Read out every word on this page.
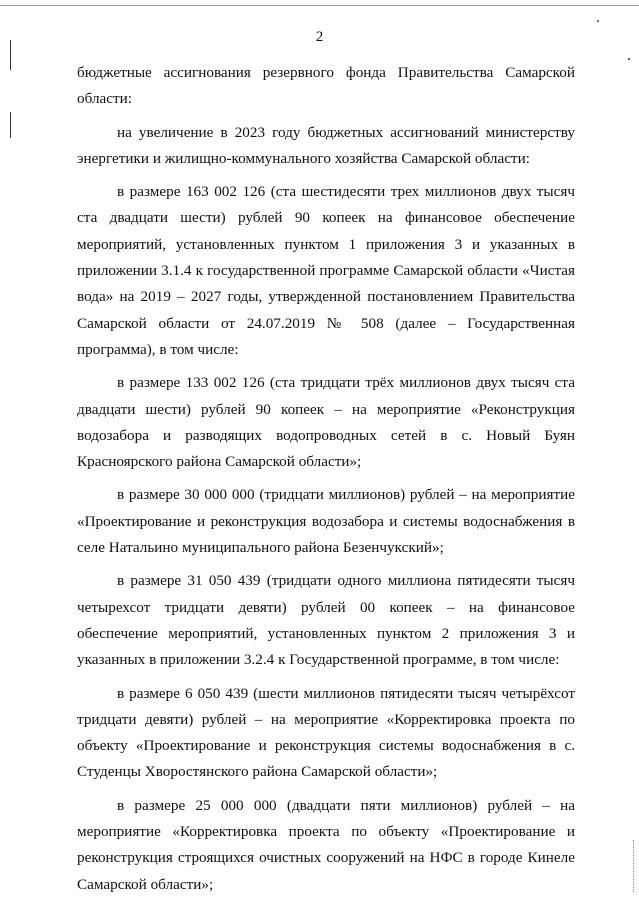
2

бюджетные ассигнования резервного фонда Правительства Самарской области:

на увеличение в 2023 году бюджетных ассигнований министерству энергетики и жилищно-коммунального хозяйства Самарской области:

в размере 163 002 126 (ста шестидесяти трех миллионов двух тысяч ста двадцати шести) рублей 90 копеек на финансовое обеспечение мероприятий, установленных пунктом 1 приложения 3 и указанных в приложении 3.1.4 к государственной программе Самарской области «Чистая вода» на 2019 – 2027 годы, утвержденной постановлением Правительства Самарской области от 24.07.2019 № 508 (далее – Государственная программа), в том числе:

в размере 133 002 126 (ста тридцати трёх миллионов двух тысяч ста двадцати шести) рублей 90 копеек – на мероприятие «Реконструкция водозабора и разводящих водопроводных сетей в с. Новый Буян Красноярского района Самарской области»;

в размере 30 000 000 (тридцати миллионов) рублей – на мероприятие «Проектирование и реконструкция водозабора и системы водоснабжения в селе Натальино муниципального района Безенчукский»;

в размере 31 050 439 (тридцати одного миллиона пятидесяти тысяч четырехсот тридцати девяти) рублей 00 копеек – на финансовое обеспечение мероприятий, установленных пунктом 2 приложения 3 и указанных в приложении 3.2.4 к Государственной программе, в том числе:

в размере 6 050 439 (шести миллионов пятидесяти тысяч четырёхсот тридцати девяти) рублей – на мероприятие «Корректировка проекта по объекту «Проектирование и реконструкция системы водоснабжения в с. Студенцы Хворостянского района Самарской области»;

в размере 25 000 000 (двадцати пяти миллионов) рублей – на мероприятие «Корректировка проекта по объекту «Проектирование и реконструкция строящихся очистных сооружений на НФС в городе Кинеле Самарской области»;
